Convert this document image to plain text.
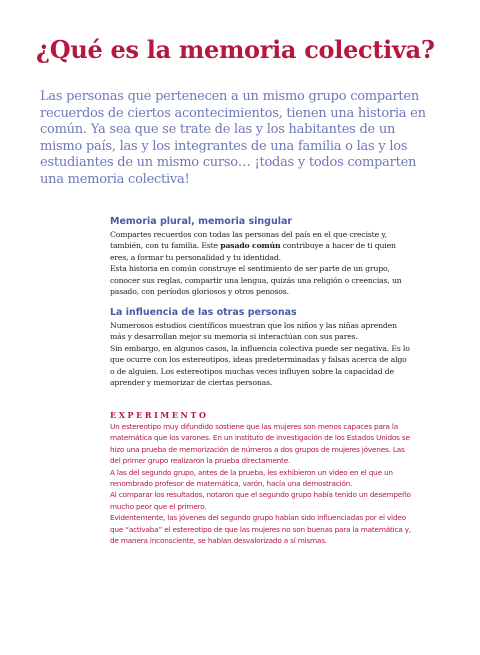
¿Qué es la memoria colectiva?

Las personas que pertenecen a un mismo grupo comparten recuerdos de ciertos acontecimientos, tienen una historia en común. Ya sea que se trate de las y los habitantes de un mismo país, las y los integrantes de una familia o las y los estudiantes de un mismo curso… ¡todas y todos comparten una memoria colectiva!

Memoria plural, memoria singular

Compartes recuerdos con todas las personas del país en el que creciste y, también, con tu familia. Este pasado común contribuye a hacer de ti quien eres, a formar tu personalidad y tu identidad.

Esta historia en común construye el sentimiento de ser parte de un grupo, conocer sus reglas, compartir una lengua, quizás una religión o creencias, un pasado, con períodos gloriosos y otros penosos.

La influencia de las otras personas

Numerosos estudios científicos muestran que los niños y las niñas aprenden más y desarrollan mejor su memoria si interactúan con sus pares.

Sin embargo, en algunos casos, la influencia colectiva puede ser negativa. Es lo que ocurre con los estereotipos, ideas predeterminadas y falsas acerca de algo o de alguien. Los estereotipos muchas veces influyen sobre la capacidad de aprender y memorizar de ciertas personas.

EXPERIMENTO

Un estereotipo muy difundido sostiene que las mujeres son menos capaces para la matemática que los varones. En un instituto de investigación de los Estados Unidos se hizo una prueba de memorización de números a dos grupos de mujeres jóvenes. Las del primer grupo realizaron la prueba directamente.

A las del segundo grupo, antes de la prueba, les exhibieron un video en el que un renombrado profesor de matemática, varón, hacía una demostración.

Al comparar los resultados, notaron que el segundo grupo había tenido un desempeño mucho peor que el primero.

Evidentemente, las jóvenes del segundo grupo habían sido influenciadas por el video que “activaba” el estereotipo de que las mujeres no son buenas para la matemática y, de manera inconsciente, se habían desvalorizado a sí mismas.
